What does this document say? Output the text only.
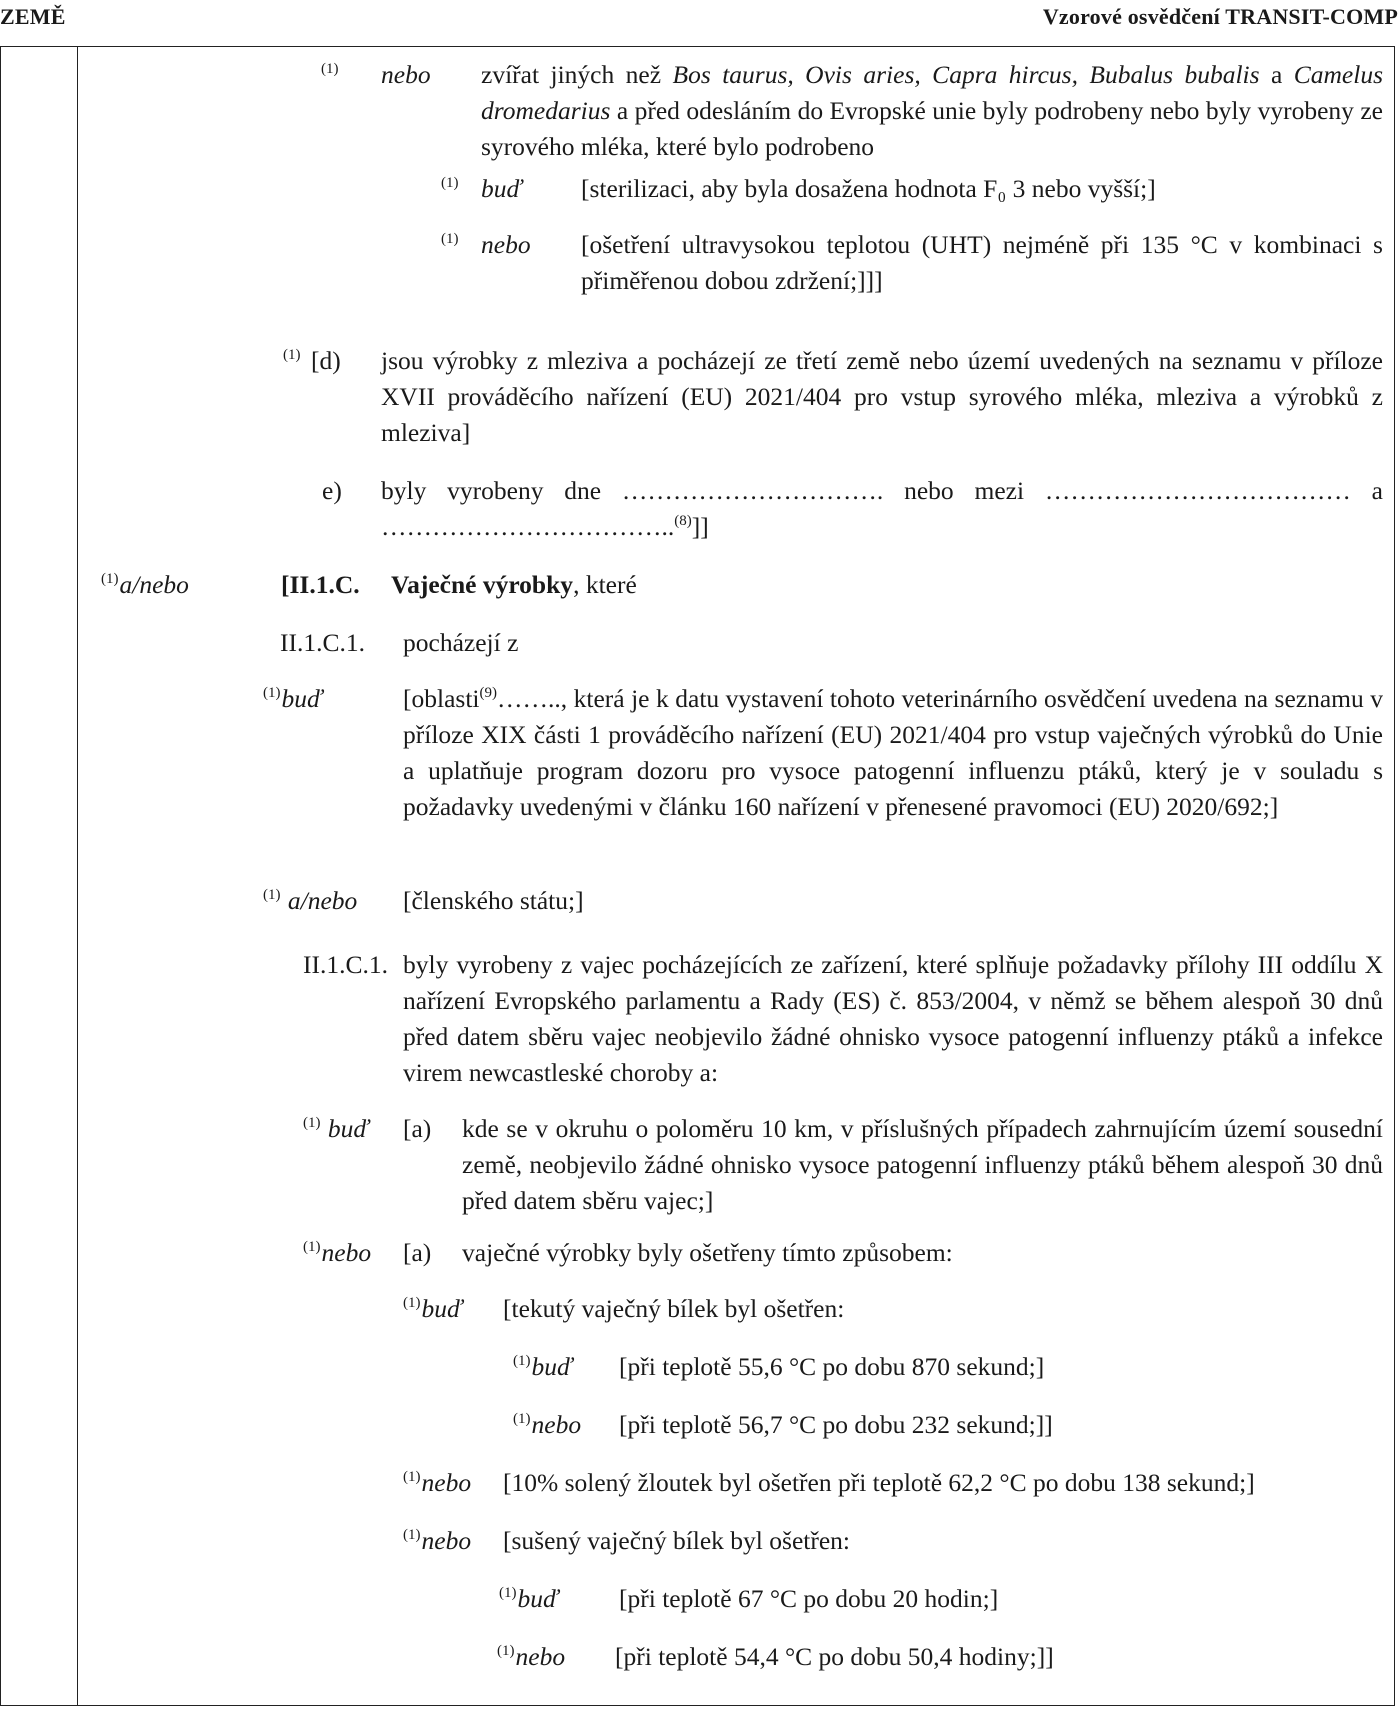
ZEMĚ	Vzorové osvědčení TRANSIT-COMP
$^{(1)}$ nebo zvířat jiných než Bos taurus, Ovis aries, Capra hircus, Bubalus bubalis a Camelus dromedarius a před odesláním do Evropské unie byly podrobeny nebo byly vyrobeny ze syrového mléka, které bylo podrobeno
$^{(1)}$ buď [sterilizaci, aby byla dosažena hodnota F₀ 3 nebo vyšší;]
$^{(1)}$ nebo [ošetření ultravysokou teplotou (UHT) nejméně při 135 °C v kombinaci s přiměřenou dobou zdržení;]]]
$^{(1)}$ [d) jsou výrobky z mleziva a pocházejí ze třetí země nebo území uvedených na seznamu v příloze XVII prováděcího nařízení (EU) 2021/404 pro vstup syrového mléka, mleziva a výrobků z mleziva]
e) byly vyrobeny dne …………………………. nebo mezi ……………………………… a ……………………………..$^{(8)}$]]
$^{(1)}$a/nebo	[II.1.C. Vaječné výrobky, které
II.1.C.1. pocházejí z
$^{(1)}$buď	[oblasti$^{(9)}$…….., která je k datu vystavení tohoto veterinárního osvědčení uvedena na seznamu v příloze XIX části 1 prováděcího nařízení (EU) 2021/404 pro vstup vaječných výrobků do Unie a uplatňuje program dozoru pro vysoce patogenní influenzu ptáků, který je v souladu s požadavky uvedenými v článku 160 nařízení v přenesené pravomoci (EU) 2020/692;]
$^{(1)}$ a/nebo [členského státu;]
II.1.C.1. byly vyrobeny z vajec pocházejících ze zařízení, které splňuje požadavky přílohy III oddílu X nařízení Evropského parlamentu a Rady (ES) č. 853/2004, v němž se během alespoň 30 dnů před datem sběru vajec neobjevilo žádné ohnisko vysoce patogenní influenzy ptáků a infekce virem newcastleské choroby a:
$^{(1)}$ buď [a) kde se v okruhu o poloměru 10 km, v příslušných případech zahrnujícím území sousední země, neobjevilo žádné ohnisko vysoce patogenní influenzy ptáků během alespoň 30 dnů před datem sběru vajec;]
$^{(1)}$nebo [a) vaječné výrobky byly ošetřeny tímto způsobem:
$^{(1)}$buď [tekutý vaječný bílek byl ošetřen:
$^{(1)}$buď [při teplotě 55,6 °C po dobu 870 sekund;]
$^{(1)}$nebo [při teplotě 56,7 °C po dobu 232 sekund;]]
$^{(1)}$nebo [10% solený žloutek byl ošetřen při teplotě 62,2 °C po dobu 138 sekund;]
$^{(1)}$nebo [sušený vaječný bílek byl ošetřen:
$^{(1)}$buď [při teplotě 67 °C po dobu 20 hodin;]
$^{(1)}$nebo [při teplotě 54,4 °C po dobu 50,4 hodiny;]]
